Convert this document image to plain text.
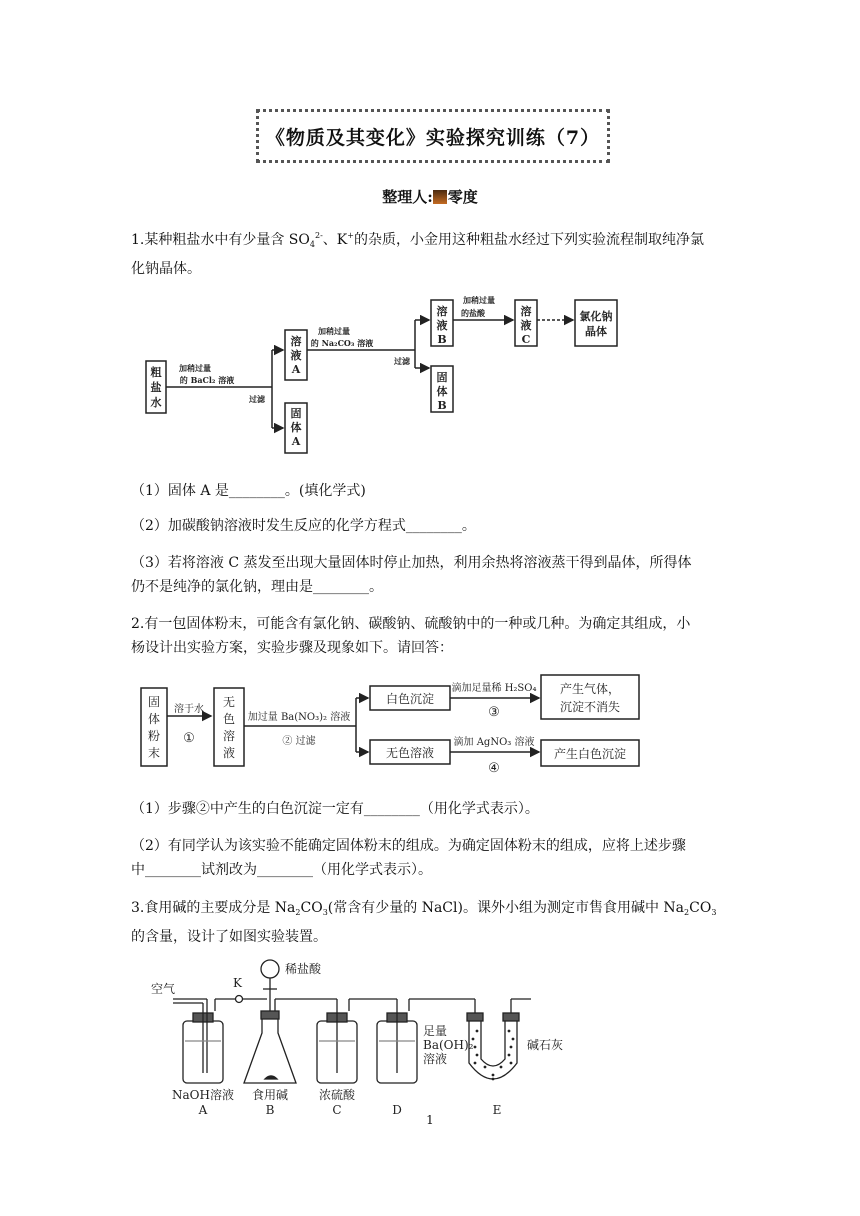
《物质及其变化》实验探究训练（7）
整理人: 零度
1.某种粗盐水中有少量含 $SO_4^{2-}$、K+的杂质，小金用这种粗盐水经过下列实验流程制取纯净氯
化钠晶体。
粗
盐
水
溶
液
A
固
体
A
溶
液
B
固
体
B
溶
液
C
氯化钠
晶体
加稍过量
的 BaCl₂ 溶液
过滤
加稍过量
的 Na₂CO₃ 溶液
过滤
加稍过量
的盐酸
（1）固体 A 是________。(填化学式)
（2）加碳酸钠溶液时发生反应的化学方程式________。
（3）若将溶液 C 蒸发至出现大量固体时停止加热，利用余热将溶液蒸干得到晶体，所得体
仍不是纯净的氯化钠，理由是________。
2.有一包固体粉末，可能含有氯化钠、碳酸钠、硫酸钠中的一种或几种。为确定其组成，小
杨设计出实验方案，实验步骤及现象如下。请回答：
固
体
粉
末
无
色
溶
液
白色沉淀
无色溶液
产生气体，
沉淀不消失
产生白色沉淀
溶于水
①
加过量 Ba(NO₃)₂ 溶液
② 过滤
滴加足量稀 H₂SO₄
③
滴加 AgNO₃ 溶液
④
（1）步骤②中产生的白色沉淀一定有________（用化学式表示）。
（2）有同学认为该实验不能确定固体粉末的组成。为确定固体粉末的组成，应将上述步骤
中________试剂改为________（用化学式表示）。
3.食用碱的主要成分是 $Na_2CO_3$(常含有少量的 NaCl)。课外小组为测定市售食用碱中 $Na_2CO_3$
的含量，设计了如图实验装置。
空气	K
稀盐酸
足量
Ba(OH)₂
溶液
碱石灰
NaOH溶液
A
食用碱
B
浓硫酸
C	D	E
1
